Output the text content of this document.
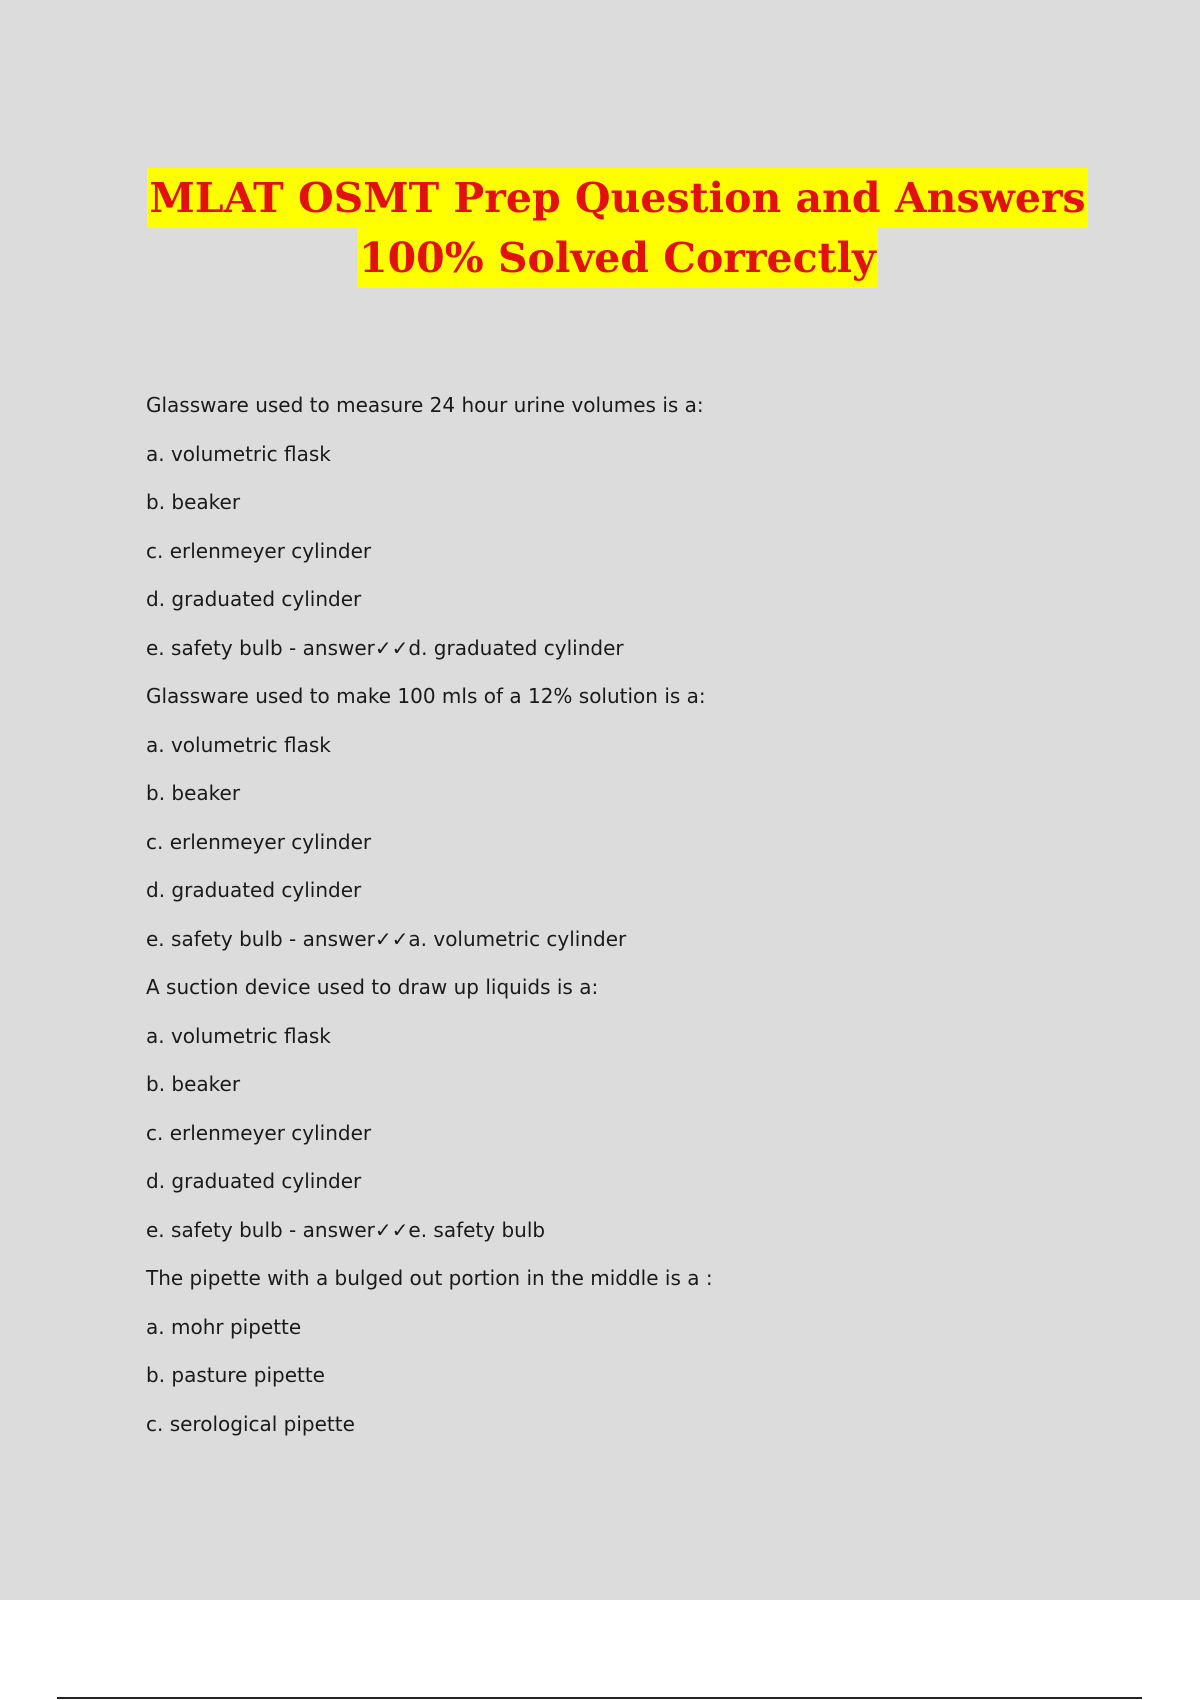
MLAT OSMT Prep Question and Answers
100% Solved Correctly
Glassware used to measure 24 hour urine volumes is a:
a. volumetric flask
b. beaker
c. erlenmeyer cylinder
d. graduated cylinder
e. safety bulb - answer✓✓d. graduated cylinder
Glassware used to make 100 mls of a 12% solution is a:
a. volumetric flask
b. beaker
c. erlenmeyer cylinder
d. graduated cylinder
e. safety bulb - answer✓✓a. volumetric cylinder
A suction device used to draw up liquids is a:
a. volumetric flask
b. beaker
c. erlenmeyer cylinder
d. graduated cylinder
e. safety bulb - answer✓✓e. safety bulb
The pipette with a bulged out portion in the middle is a :
a. mohr pipette
b. pasture pipette
c. serological pipette
